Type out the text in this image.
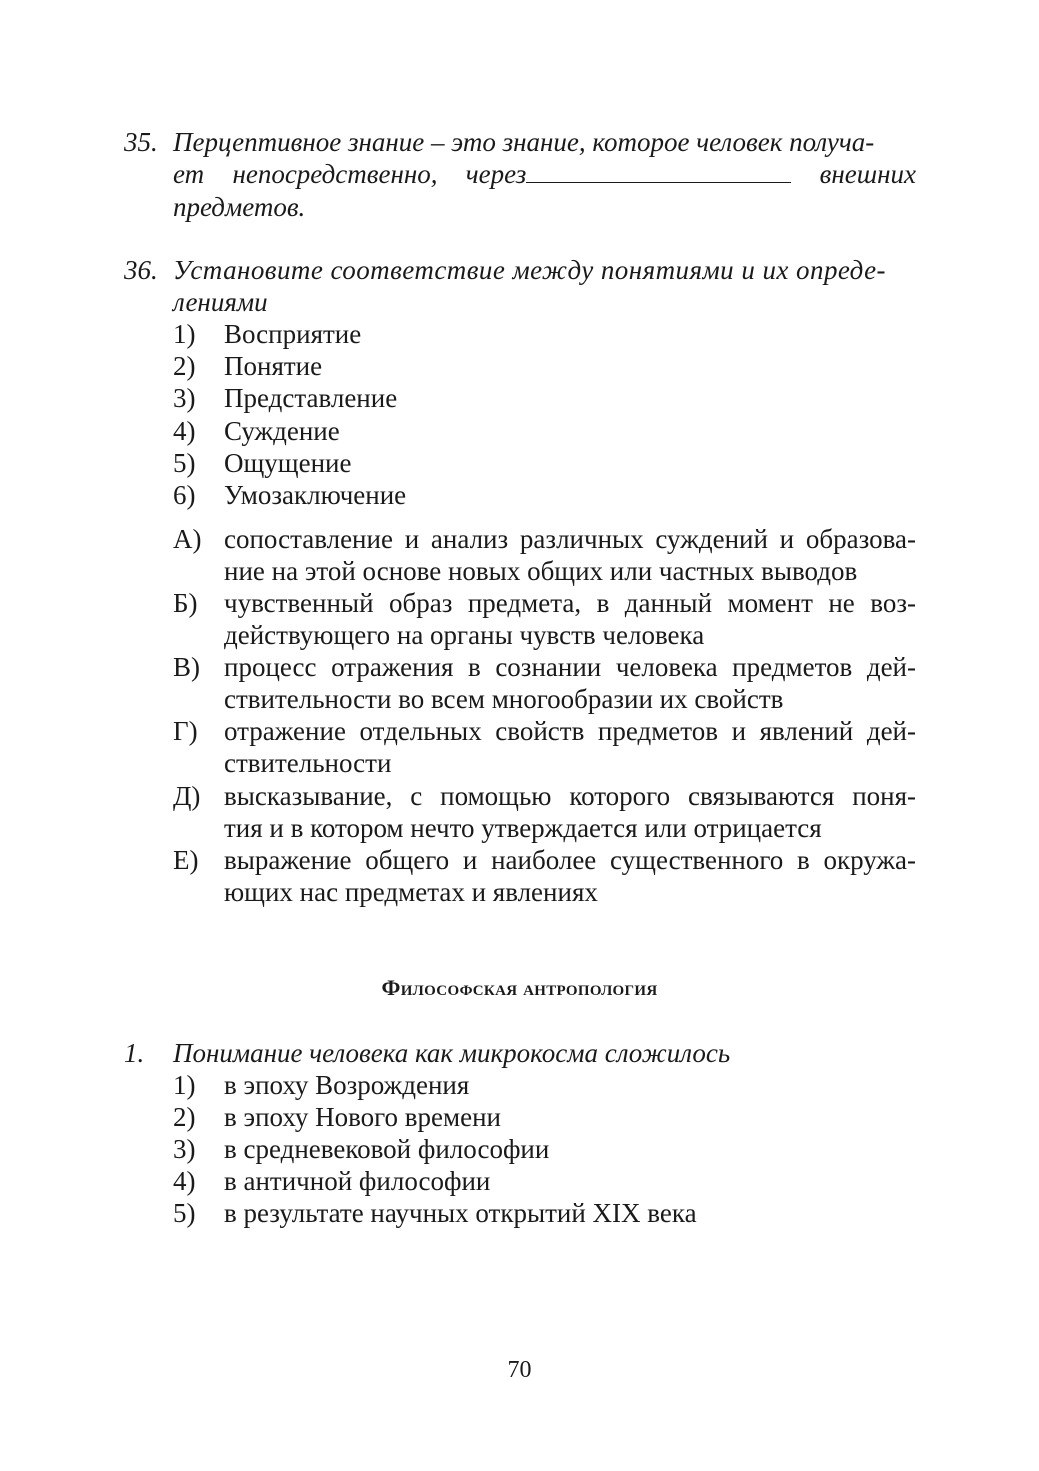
35. Перцептивное знание – это знание, которое человек получа-
ет непосредственно, через	внешних
предметов.
36. Установите соответствие между понятиями и их опреде-
лениями
1) Восприятие
2) Понятие
3) Представление
4) Суждение
5) Ощущение
6) Умозаключение
А) сопоставление и анализ различных суждений и образова-
ние на этой основе новых общих или частных выводов
Б) чувственный образ предмета, в данный момент не воз-
действующего на органы чувств человека
В) процесс отражения в сознании человека предметов дей-
ствительности во всем многообразии их свойств
Г) отражение отдельных свойств предметов и явлений дей-
ствительности
Д) высказывание, с помощью которого связываются поня-
тия и в котором нечто утверждается или отрицается
Е) выражение общего и наиболее существенного в окружа-
ющих нас предметах и явлениях
Философская антропология
1. Понимание человека как микрокосма сложилось
1) в эпоху Возрождения
2) в эпоху Нового времени
3) в средневековой философии
4) в античной философии
5) в результате научных открытий XIX века
70
